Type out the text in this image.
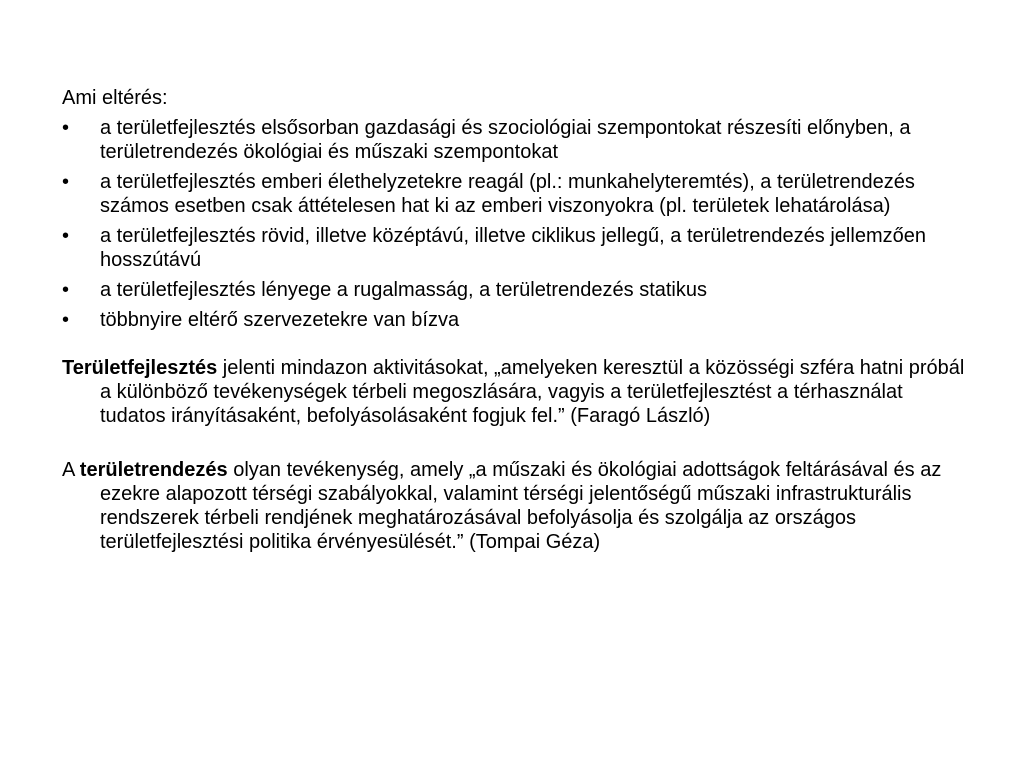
Ami eltérés:
• a területfejlesztés elsősorban gazdasági és szociológiai szempontokat részesíti előnyben, a területrendezés ökológiai és műszaki szempontokat
• a területfejlesztés emberi élethelyzetekre reagál (pl.: munkahelyteremtés), a területrendezés számos esetben csak áttételesen hat ki az emberi viszonyokra (pl. területek lehatárolása)
• a területfejlesztés rövid, illetve középtávú, illetve ciklikus jellegű, a területrendezés jellemzően hosszútávú
• a területfejlesztés lényege a rugalmasság, a területrendezés statikus
• többnyire eltérő szervezetekre van bízva

Területfejlesztés jelenti mindazon aktivitásokat, „amelyeken keresztül a közösségi szféra hatni próbál a különböző tevékenységek térbeli megoszlására, vagyis a területfejlesztést a térhasználat tudatos irányításaként, befolyásolásaként fogjuk fel.” (Faragó László)

A területrendezés olyan tevékenység, amely „a műszaki és ökológiai adottságok feltárásával és az ezekre alapozott térségi szabályokkal, valamint térségi jelentőségű műszaki infrastrukturális rendszerek térbeli rendjének meghatározásával befolyásolja és szolgálja az országos területfejlesztési politika érvényesülését.” (Tompai Géza)
